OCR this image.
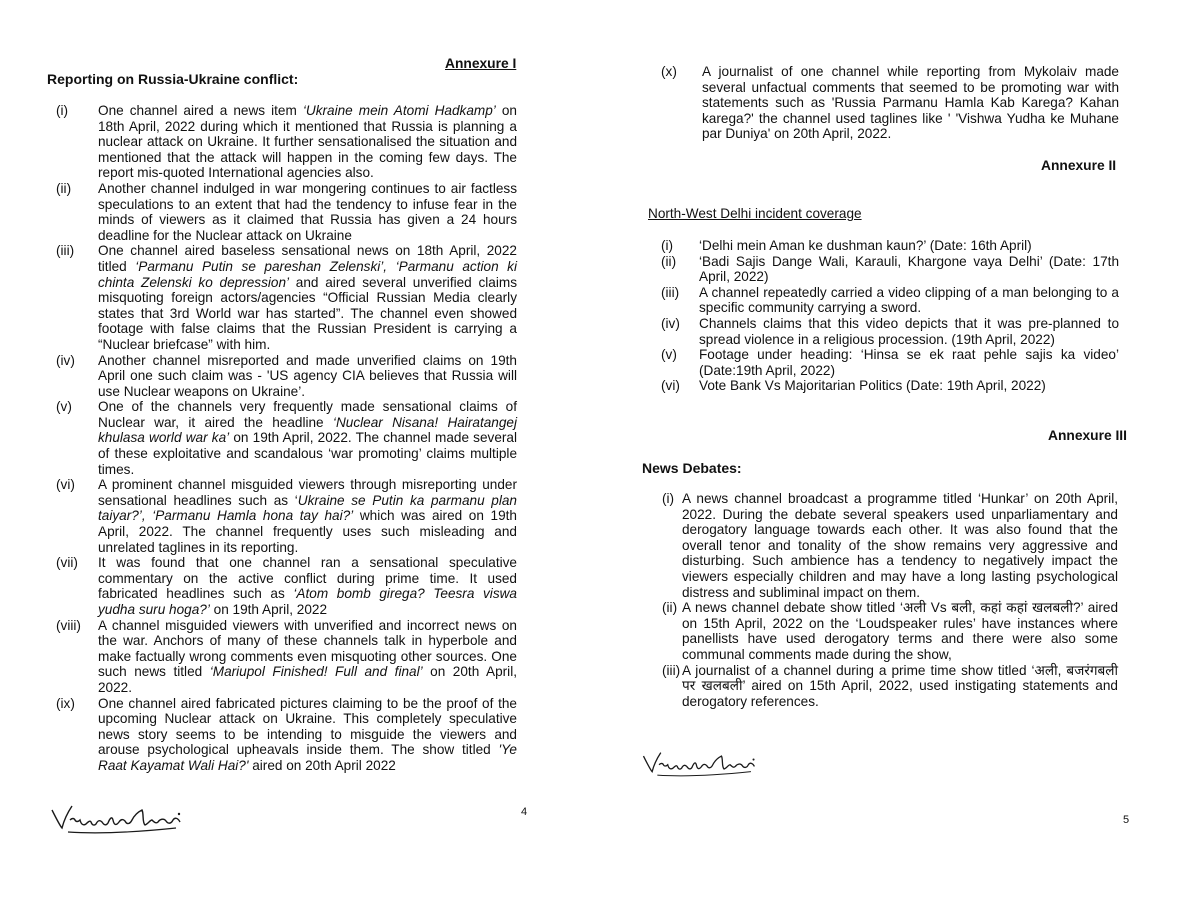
Annexure I
Reporting on Russia-Ukraine conflict:
(i) One channel aired a news item ‘Ukraine mein Atomi Hadkamp’ on 18th April, 2022 during which it mentioned that Russia is planning a nuclear attack on Ukraine. It further sensationalised the situation and mentioned that the attack will happen in the coming few days. The report mis-quoted International agencies also.
(ii) Another channel indulged in war mongering continues to air factless speculations to an extent that had the tendency to infuse fear in the minds of viewers as it claimed that Russia has given a 24 hours deadline for the Nuclear attack on Ukraine
(iii) One channel aired baseless sensational news on 18th April, 2022 titled ‘Parmanu Putin se pareshan Zelenski’, ‘Parmanu action ki chinta Zelenski ko depression’ and aired several unverified claims misquoting foreign actors/agencies “Official Russian Media clearly states that 3rd World war has started”. The channel even showed footage with false claims that the Russian President is carrying a “Nuclear briefcase” with him.
(iv) Another channel misreported and made unverified claims on 19th April one such claim was - 'US agency CIA believes that Russia will use Nuclear weapons on Ukraine’.
(v) One of the channels very frequently made sensational claims of Nuclear war, it aired the headline ‘Nuclear Nisana! Hairatangej khulasa world war ka’ on 19th April, 2022. The channel made several of these exploitative and scandalous ‘war promoting’ claims multiple times.
(vi) A prominent channel misguided viewers through misreporting under sensational headlines such as ‘Ukraine se Putin ka parmanu plan taiyar?’, ‘Parmanu Hamla hona tay hai?’ which was aired on 19th April, 2022. The channel frequently uses such misleading and unrelated taglines in its reporting.
(vii) It was found that one channel ran a sensational speculative commentary on the active conflict during prime time. It used fabricated headlines such as ‘Atom bomb girega? Teesra viswa yudha suru hoga?’ on 19th April, 2022
(viii) A channel misguided viewers with unverified and incorrect news on the war. Anchors of many of these channels talk in hyperbole and make factually wrong comments even misquoting other sources. One such news titled ‘Mariupol Finished! Full and final’ on 20th April, 2022.
(ix) One channel aired fabricated pictures claiming to be the proof of the upcoming Nuclear attack on Ukraine. This completely speculative news story seems to be intending to misguide the viewers and arouse psychological upheavals inside them. The show titled 'Ye Raat Kayamat Wali Hai?' aired on 20th April 2022
4
(x) A journalist of one channel while reporting from Mykolaiv made several unfactual comments that seemed to be promoting war with statements such as 'Russia Parmanu Hamla Kab Karega? Kahan karega?' the channel used taglines like ' 'Vishwa Yudha ke Muhane par Duniya' on 20th April, 2022.
Annexure II
North-West Delhi incident coverage
(i) ‘Delhi mein Aman ke dushman kaun?’ (Date: 16th April)
(ii) ‘Badi Sajis Dange Wali, Karauli, Khargone vaya Delhi’ (Date: 17th April, 2022)
(iii) A channel repeatedly carried a video clipping of a man belonging to a specific community carrying a sword.
(iv) Channels claims that this video depicts that it was pre-planned to spread violence in a religious procession. (19th April, 2022)
(v) Footage under heading: ‘Hinsa se ek raat pehle sajis ka video’ (Date:19th April, 2022)
(vi) Vote Bank Vs Majoritarian Politics (Date: 19th April, 2022)
Annexure III
News Debates:
(i) A news channel broadcast a programme titled ‘Hunkar’ on 20th April, 2022. During the debate several speakers used unparliamentary and derogatory language towards each other. It was also found that the overall tenor and tonality of the show remains very aggressive and disturbing. Such ambience has a tendency to negatively impact the viewers especially children and may have a long lasting psychological distress and subliminal impact on them.
(ii) A news channel debate show titled ‘अली Vs बली, कहां कहां खलबली?’ aired on 15th April, 2022 on the ‘Loudspeaker rules’ have instances where panellists have used derogatory terms and there were also some communal comments made during the show,
(iii) A journalist of a channel during a prime time show titled ‘अली, बजरंगबली पर खलबली’ aired on 15th April, 2022, used instigating statements and derogatory references.
5
